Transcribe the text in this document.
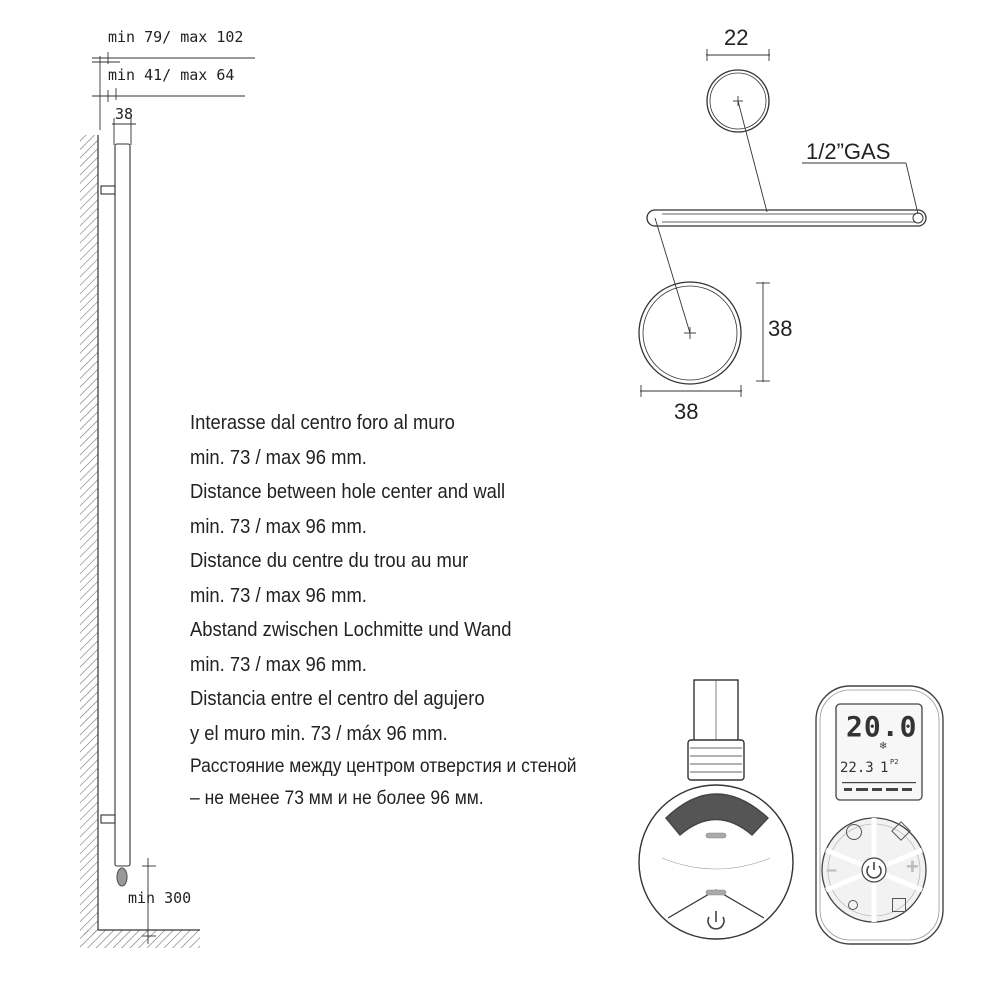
min 79/ max 102
min 41/ max 64
38
min 300
22
1/2”GAS
38
38
Interasse dal centro foro al muro
min. 73 / max 96 mm.
Distance between hole center and wall
min. 73 / max 96 mm.
Distance du centre du trou au mur
min. 73 / max 96 mm.
Abstand zwischen Lochmitte und Wand
min. 73 / max 96 mm.
Distancia entre el centro del agujero
y el muro min. 73 / máx 96 mm.
Расстояние между центром отверстия и стеной
– не менее 73 мм и не более 96 мм.
❄
20.0
22.3 1 P2
–	+
